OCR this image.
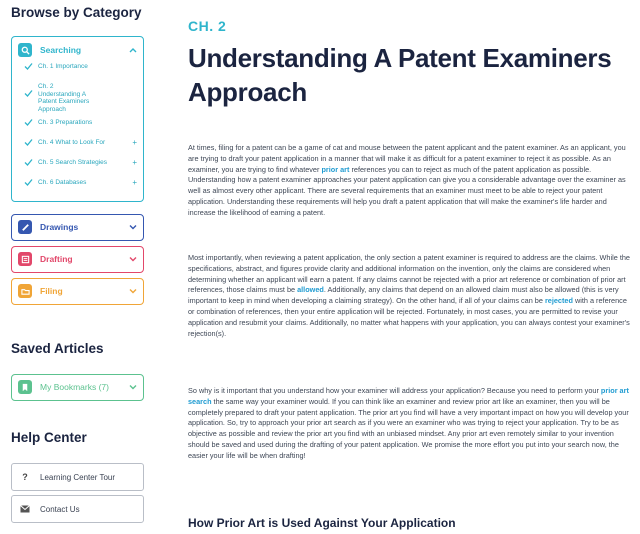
Browse by Category
Searching
Ch. 1 Importance
Ch. 2 Understanding A Patent Examiners Approach
Ch. 3 Preparations
Ch. 4 What to Look For	+
Ch. 5 Search Strategies	+
Ch. 6 Databases	+
Drawings
Drafting
Filing
Saved Articles
My Bookmarks (7)
Help Center
? Learning Center Tour
Contact Us
CH. 2
Understanding A Patent Examiners Approach

At times, filing for a patent can be a game of cat and mouse between the patent applicant and the patent examiner. As an applicant, you are trying to draft your patent application in a manner that will make it as difficult for a patent examiner to reject it as possible. As an examiner, you are trying to find whatever prior art references you can to reject as much of the patent application as possible. Understanding how a patent examiner approaches your patent application can give you a considerable advantage over the examiner as well as almost every other applicant. There are several requirements that an examiner must meet to be able to reject your patent application. Understanding these requirements will help you draft a patent application that will make the examiner's life harder and increase the likelihood of earning a patent.

Most importantly, when reviewing a patent application, the only section a patent examiner is required to address are the claims. While the specifications, abstract, and figures provide clarity and additional information on the invention, only the claims are considered when determining whether an applicant will earn a patent. If any claims cannot be rejected with a prior art reference or combination of prior art references, those claims must be allowed. Additionally, any claims that depend on an allowed claim must also be allowed (this is very important to keep in mind when developing a claiming strategy). On the other hand, if all of your claims can be rejected with a reference or combination of references, then your entire application will be rejected. Fortunately, in most cases, you are permitted to revise your application and resubmit your claims. Additionally, no matter what happens with your application, you can always contest your examiner's rejection(s).

So why is it important that you understand how your examiner will address your application? Because you need to perform your prior art search the same way your examiner would. If you can think like an examiner and review prior art like an examiner, then you will be completely prepared to draft your patent application. The prior art you find will have a very important impact on how you will develop your application. So, try to approach your prior art search as if you were an examiner who was trying to reject your application. Try to be as objective as possible and review the prior art you find with an unbiased mindset. Any prior art even remotely similar to your invention should be saved and used during the drafting of your patent application. We promise the more effort you put into your search now, the easier your life will be when drafting!

How Prior Art is Used Against Your Application
